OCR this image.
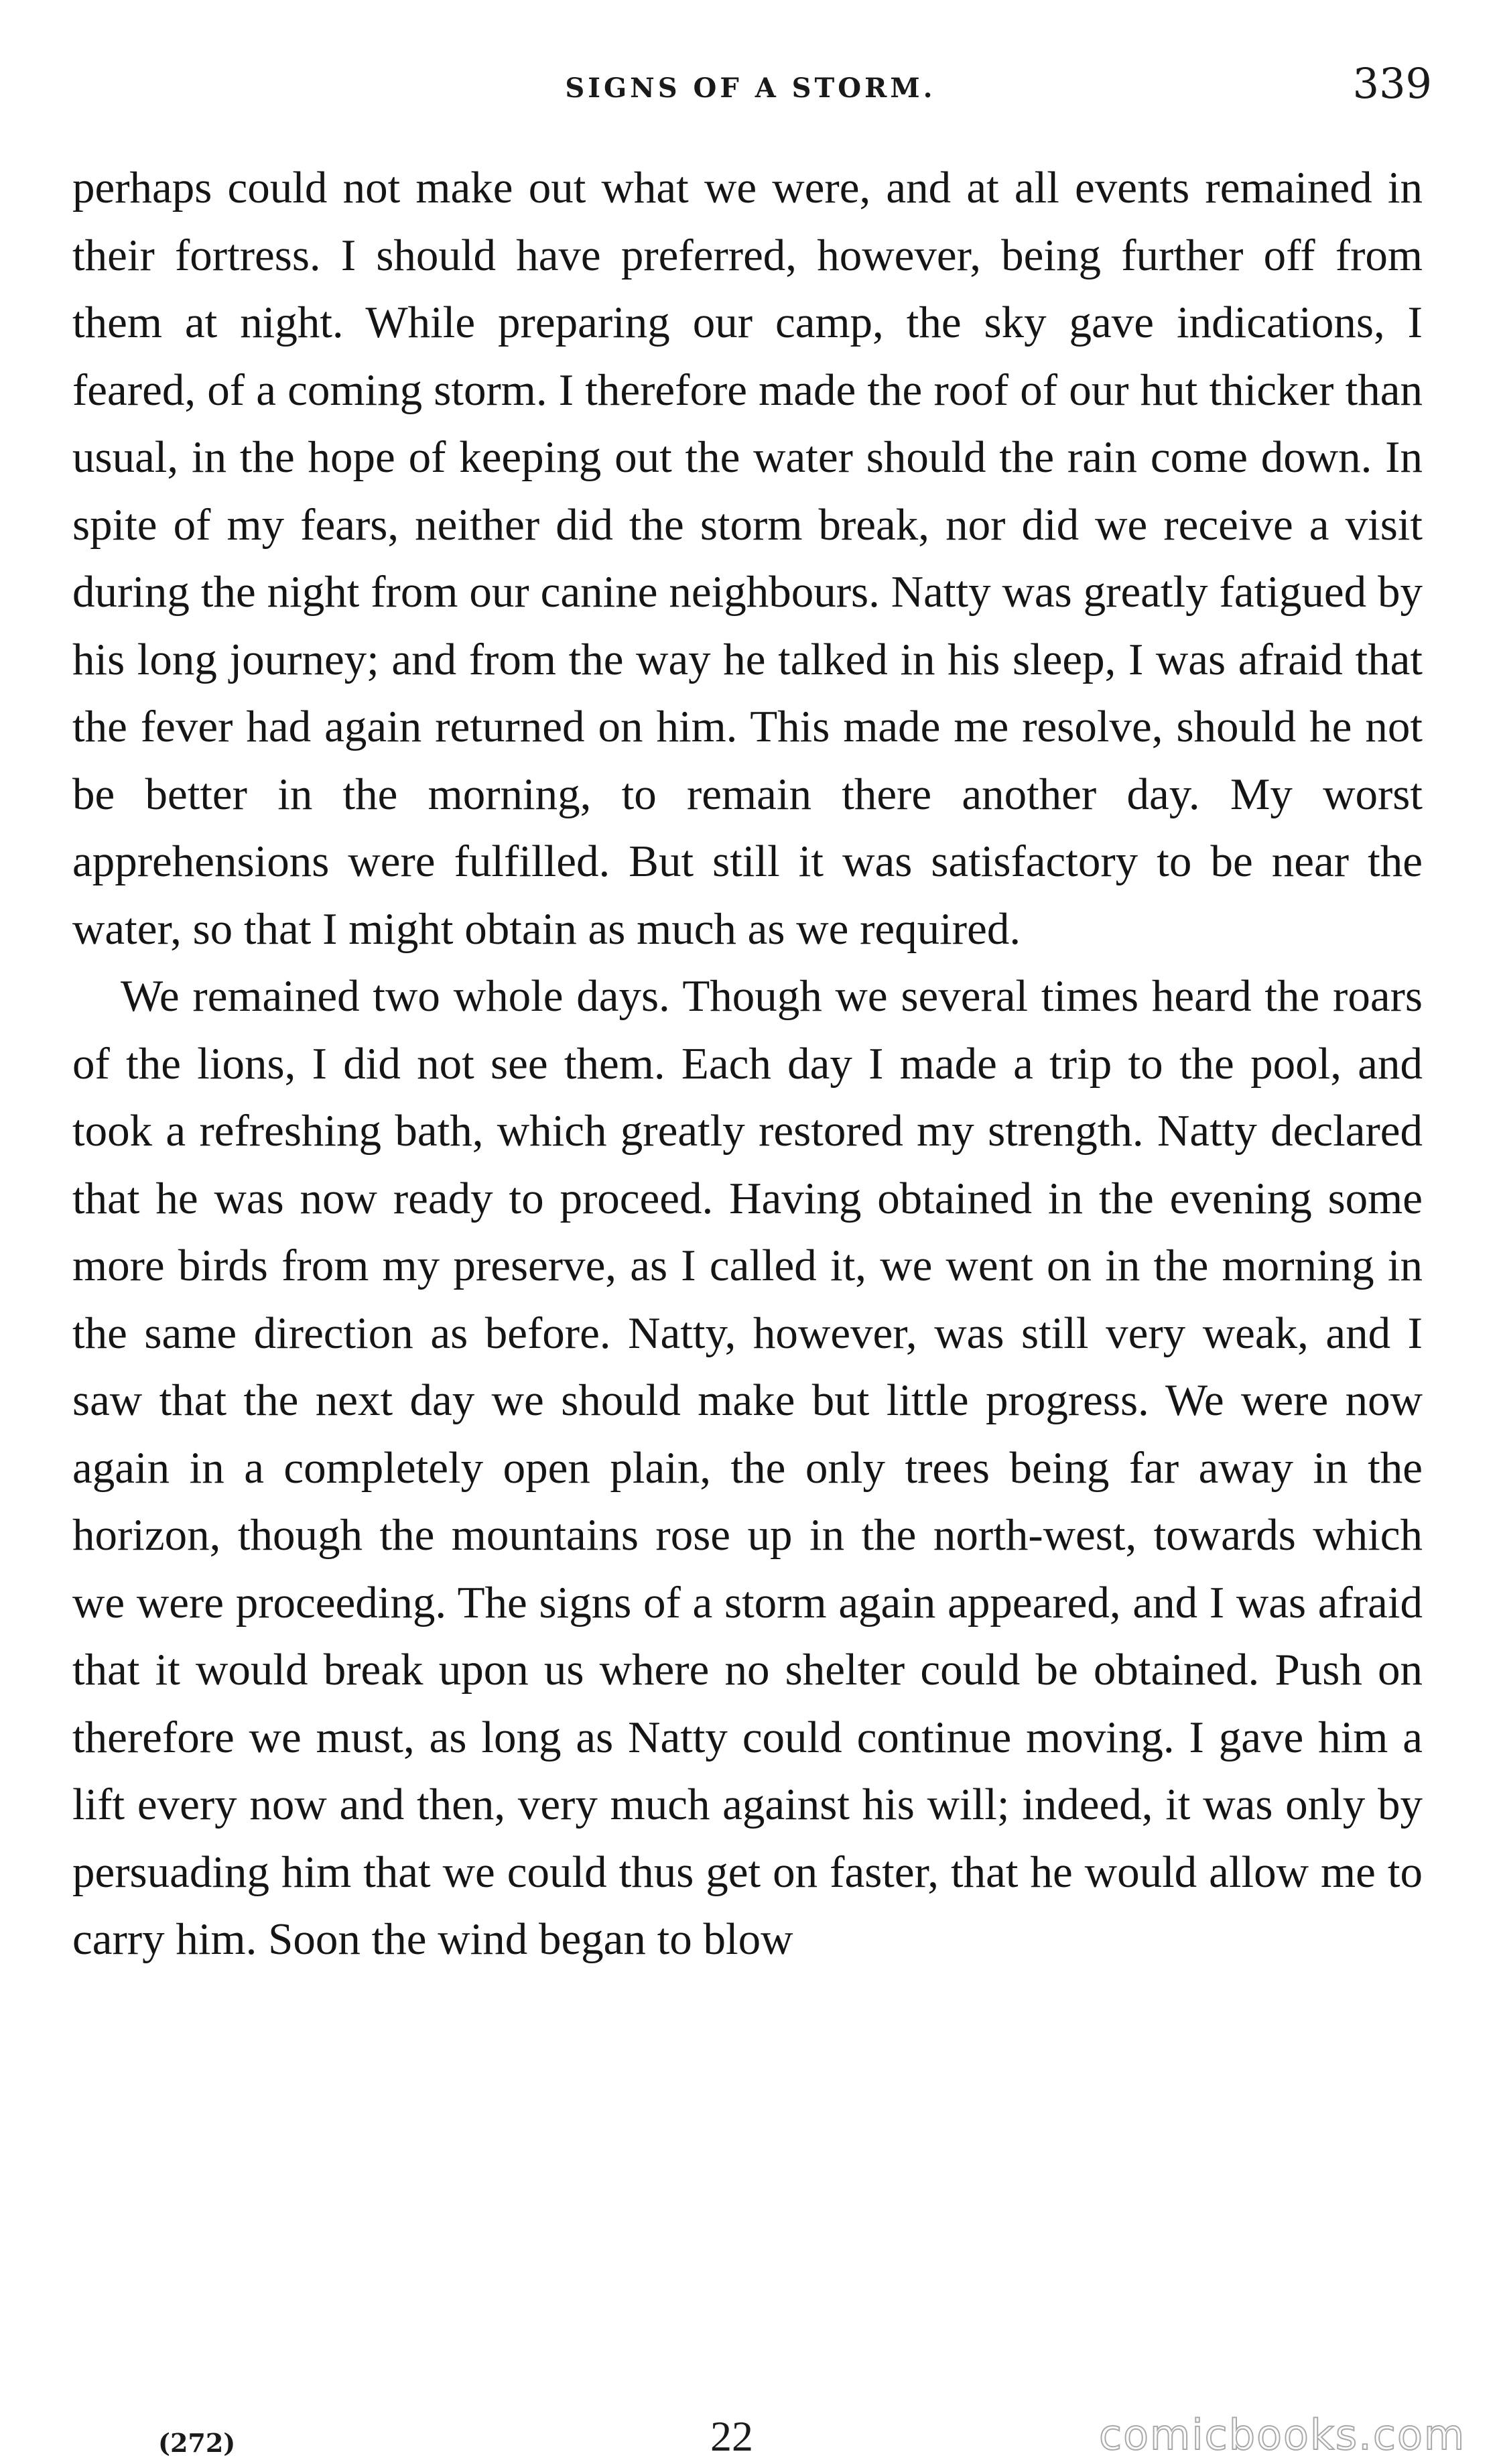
SIGNS OF A STORM.	339

perhaps could not make out what we were, and at all events remained in their fortress. I should have preferred, however, being further off from them at night. While preparing our camp, the sky gave indications, I feared, of a coming storm. I therefore made the roof of our hut thicker than usual, in the hope of keeping out the water should the rain come down. In spite of my fears, neither did the storm break, nor did we receive a visit during the night from our canine neighbours. Natty was greatly fatigued by his long journey; and from the way he talked in his sleep, I was afraid that the fever had again returned on him. This made me resolve, should he not be better in the morning, to remain there another day. My worst apprehensions were fulfilled. But still it was satisfactory to be near the water, so that I might obtain as much as we required.

We remained two whole days. Though we several times heard the roars of the lions, I did not see them. Each day I made a trip to the pool, and took a refreshing bath, which greatly restored my strength. Natty declared that he was now ready to proceed. Having obtained in the evening some more birds from my preserve, as I called it, we went on in the morning in the same direction as before. Natty, however, was still very weak, and I saw that the next day we should make but little progress. We were now again in a completely open plain, the only trees being far away in the horizon, though the mountains rose up in the north-west, towards which we were proceeding. The signs of a storm again appeared, and I was afraid that it would break upon us where no shelter could be obtained. Push on therefore we must, as long as Natty could continue moving. I gave him a lift every now and then, very much against his will; indeed, it was only by persuading him that we could thus get on faster, that he would allow me to carry him. Soon the wind began to blow

(272)	22	comicbooks.com
